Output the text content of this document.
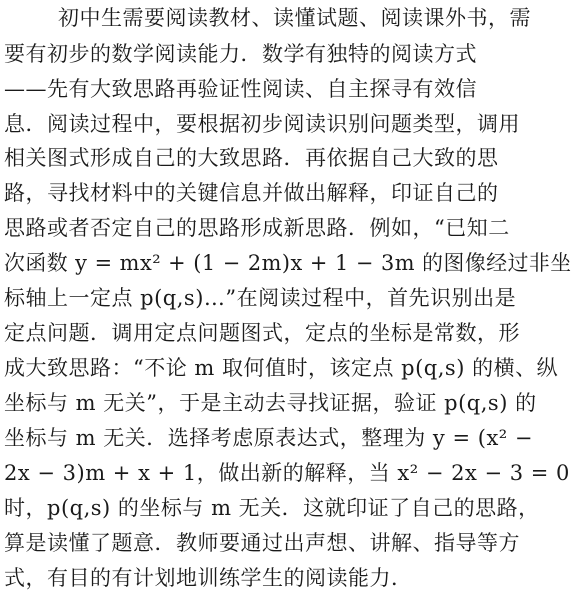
初中生需要阅读教材、读懂试题、阅读课外书，需
要有初步的数学阅读能力．数学有独特的阅读方式
——先有大致思路再验证性阅读、自主探寻有效信
息．阅读过程中，要根据初步阅读识别问题类型，调用
相关图式形成自己的大致思路．再依据自己大致的思
路，寻找材料中的关键信息并做出解释，印证自己的
思路或者否定自己的思路形成新思路．例如，“已知二
次函数 y = mx² + (1 − 2m)x + 1 − 3m 的图像经过非坐
标轴上一定点 p(q,s)…”在阅读过程中，首先识别出是
定点问题．调用定点问题图式，定点的坐标是常数，形
成大致思路：“不论 m 取何值时，该定点 p(q,s) 的横、纵
坐标与 m 无关”，于是主动去寻找证据，验证 p(q,s) 的
坐标与 m 无关．选择考虑原表达式，整理为 y = (x² −
2x − 3)m + x + 1，做出新的解释，当 x² − 2x − 3 = 0
时，p(q,s) 的坐标与 m 无关．这就印证了自己的思路，
算是读懂了题意．教师要通过出声想、讲解、指导等方
式，有目的有计划地训练学生的阅读能力．
